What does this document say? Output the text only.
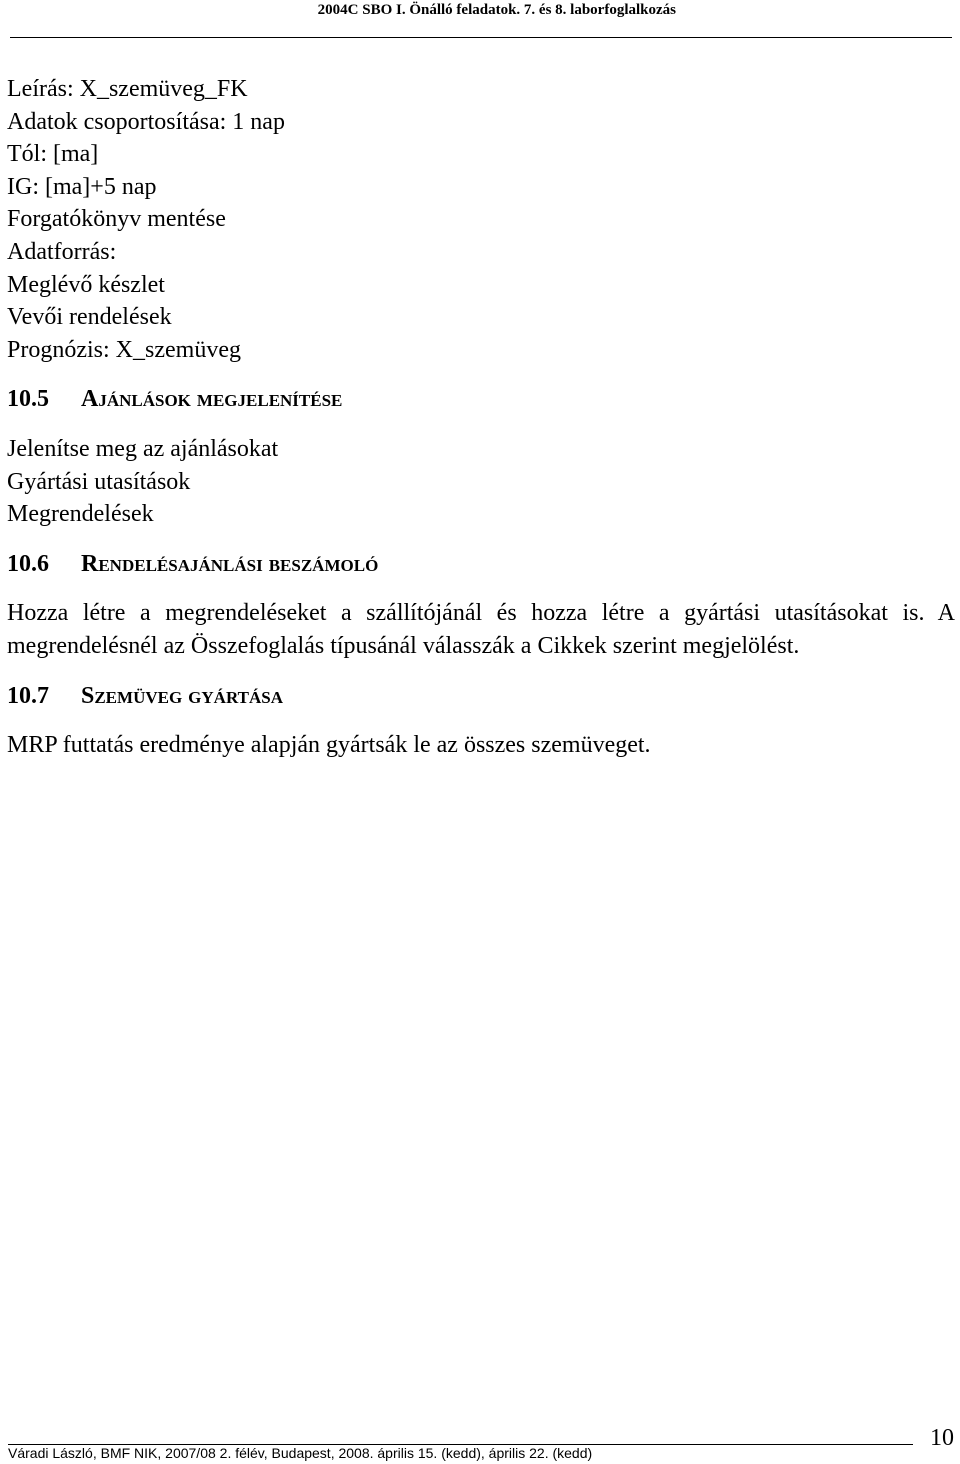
2004C SBO I. Önálló feladatok. 7. és 8. laborfoglalkozás
Leírás: X_szemüveg_FK
Adatok csoportosítása: 1 nap
Tól: [ma]
IG: [ma]+5 nap
Forgatókönyv mentése
Adatforrás:
Meglévő készlet
Vevői rendelések
Prognózis: X_szemüveg
10.5 Ajánlások megjelenítése
Jelenítse meg az ajánlásokat
Gyártási utasítások
Megrendelések
10.6 Rendelésajánlási beszámoló
Hozza létre a megrendeléseket a szállítójánál és hozza létre a gyártási utasításokat is. A megrendelésnél az Összefoglalás típusánál válasszák a Cikkek szerint megjelölést.
10.7 Szemüveg gyártása
MRP futtatás eredménye alapján gyártsák le az összes szemüveget.
Váradi László, BMF NIK, 2007/08 2. félév, Budapest, 2008. április 15. (kedd), április 22. (kedd)
10
